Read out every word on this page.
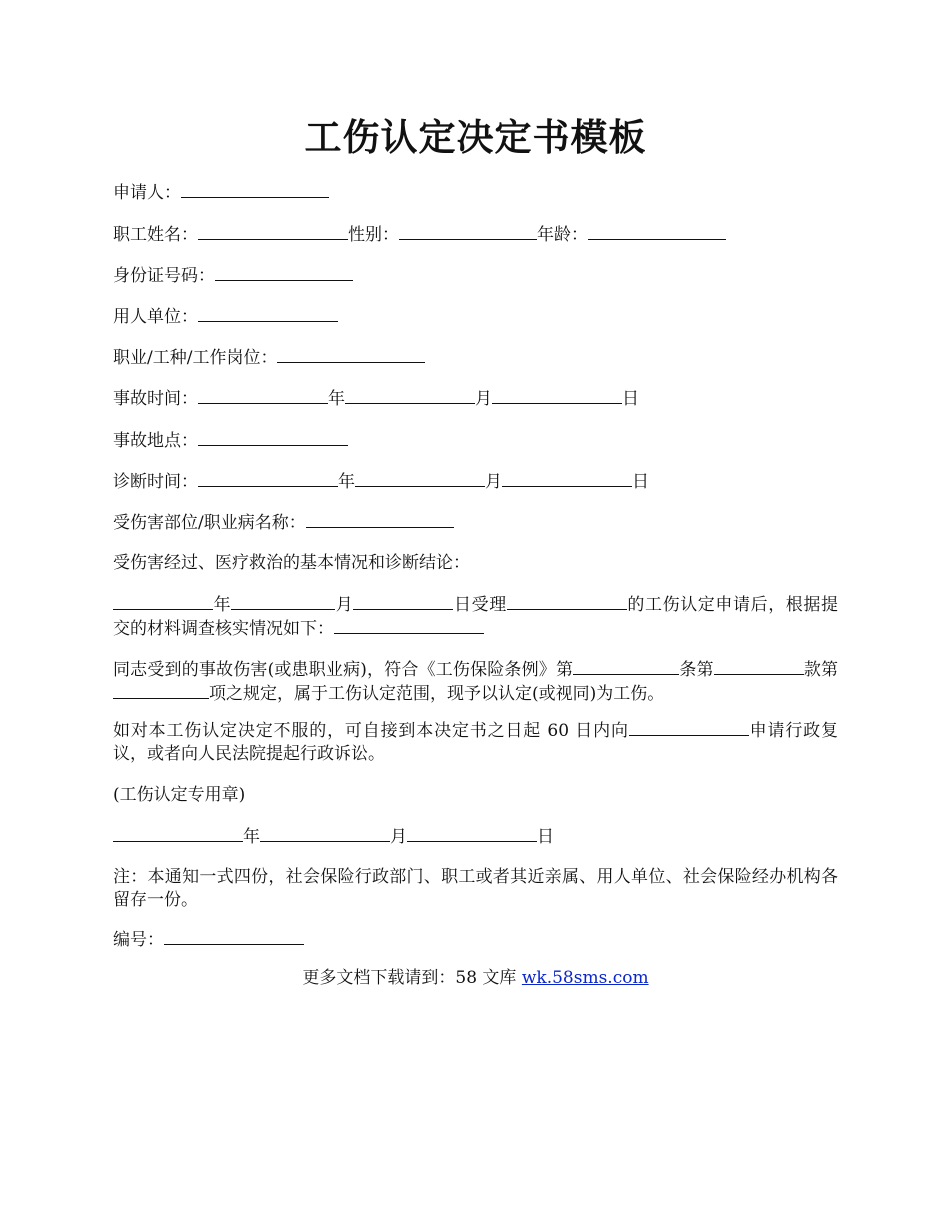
工伤认定决定书模板

申请人：

职工姓名：	性别：	年龄：

身份证号码：

用人单位：

职业/工种/工作岗位：

事故时间：	年	月	日

事故地点：

诊断时间：	年	月	日

受伤害部位/职业病名称：

受伤害经过、医疗救治的基本情况和诊断结论：

年	月	日受理	的工伤认定申请后，根据提交的材料调查核实情况如下：

同志受到的事故伤害(或患职业病)，符合《工伤保险条例》第	条第	款第项之规定，属于工伤认定范围，现予以认定(或视同)为工伤。

如对本工伤认定决定不服的，可自接到本决定书之日起 60 日内向	申请行政复议，或者向人民法院提起行政诉讼。

(工伤认定专用章)

年	月	日

注：本通知一式四份，社会保险行政部门、职工或者其近亲属、用人单位、社会保险经办机构各留存一份。

编号：

更多文档下载请到：58 文库 wk.58sms.com
